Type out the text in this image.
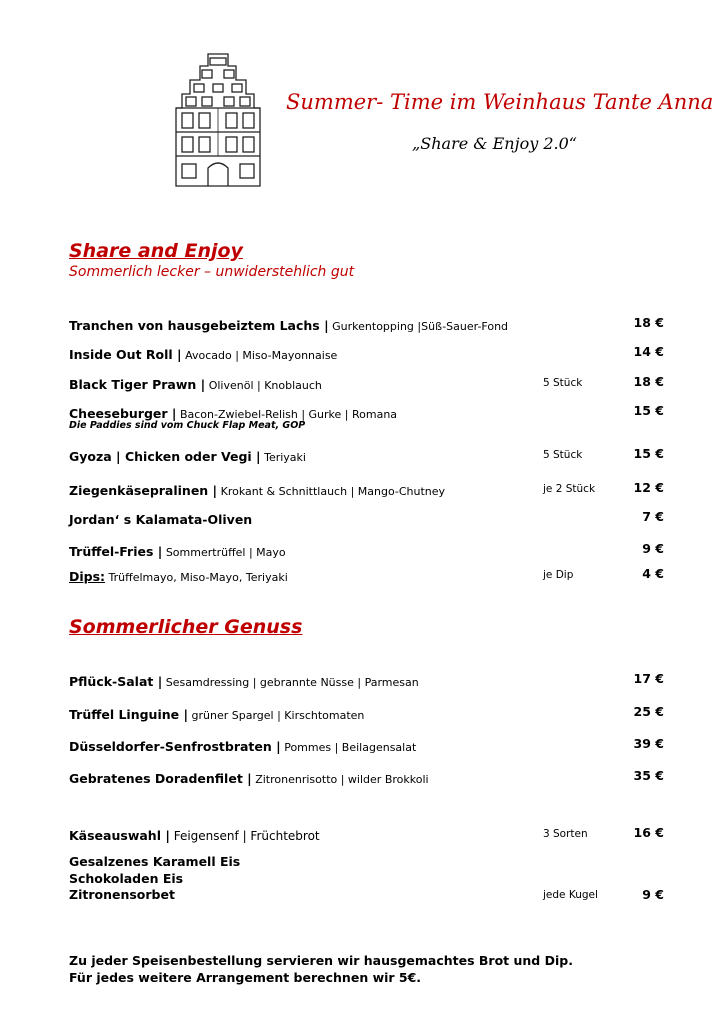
Summer- Time im Weinhaus Tante Anna
„Share & Enjoy 2.0“
Share and Enjoy
Sommerlich lecker – unwiderstehlich gut
Tranchen von hausgebeiztem Lachs | Gurkentopping |Süß-Sauer-Fond	18 €
Inside Out Roll | Avocado | Miso-Mayonnaise	14 €
Black Tiger Prawn | Olivenöl | Knoblauch	5 Stück	18 €
Cheeseburger | Bacon-Zwiebel-Relish | Gurke | Romana	15 €
Die Paddies sind vom Chuck Flap Meat, GOP
Gyoza | Chicken oder Vegi | Teriyaki	5 Stück	15 €
Ziegenkäsepralinen | Krokant & Schnittlauch | Mango-Chutney	je 2 Stück	12 €
Jordan‘ s Kalamata-Oliven	7 €
Trüffel-Fries | Sommertrüffel | Mayo	9 €
Dips: Trüffelmayo, Miso-Mayo, Teriyaki	je Dip	4 €
Sommerlicher Genuss
Pflück-Salat | Sesamdressing | gebrannte Nüsse | Parmesan	17 €
Trüffel Linguine | grüner Spargel | Kirschtomaten	25 €
Düsseldorfer-Senfrostbraten | Pommes | Beilagensalat	39 €
Gebratenes Doradenfilet | Zitronenrisotto | wilder Brokkoli	35 €
Käseauswahl | Feigensenf | Früchtebrot	3 Sorten	16 €
Gesalzenes Karamell Eis
Schokoladen Eis
Zitronensorbet	jede Kugel	9 €
Zu jeder Speisenbestellung servieren wir hausgemachtes Brot und Dip.
Für jedes weitere Arrangement berechnen wir 5€.
